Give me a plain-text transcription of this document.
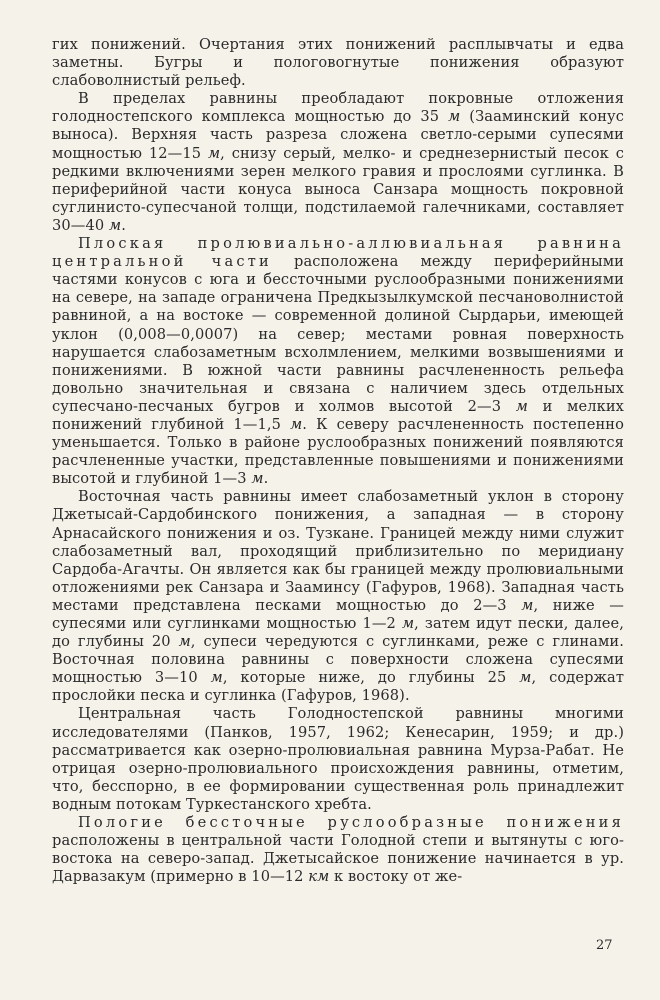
гих понижений. Очертания этих понижений расплывчаты и едва заметны. Бугры и пологовогнутые понижения образуют слабоволнистый рельеф.

В пределах равнины преобладают покровные отложения голодностепского комплекса мощностью до 35 м (Зааминский конус выноса). Верхняя часть разреза сложена светло-серыми супесями мощностью 12—15 м, снизу серый, мелко- и среднезернистый песок с редкими включениями зерен мелкого гравия и прослоями суглинка. В периферийной части конуса выноса Санзара мощность покровной суглинисто-супесчаной толщи, подстилаемой галечниками, составляет 30—40 м.

Плоская пролювиально-аллювиальная равнина центральной части расположена между периферийными частями конусов с юга и бессточными руслообразными понижениями на севере, на западе ограничена Предкызылкумской песчановолнистой равниной, а на востоке — современной долиной Сырдарьи, имеющей уклон (0,008—0,0007) на север; местами ровная поверхность нарушается слабозаметным всхолмлением, мелкими возвышениями и понижениями. В южной части равнины расчлененность рельефа довольно значительная и связана с наличием здесь отдельных супесчано-песчаных бугров и холмов высотой 2—3 м и мелких понижений глубиной 1—1,5 м. К северу расчлененность постепенно уменьшается. Только в районе руслообразных понижений появляются расчлененные участки, представленные повышениями и понижениями высотой и глубиной 1—3 м.

Восточная часть равнины имеет слабозаметный уклон в сторону Джетысай-Сардобинского понижения, а западная — в сторону Арнасайского понижения и оз. Тузкане. Границей между ними служит слабозаметный вал, проходящий приблизительно по меридиану Сардоба-Агачты. Он является как бы границей между пролювиальными отложениями рек Санзара и Зааминсу (Гафуров, 1968). Западная часть местами представлена песками мощностью до 2—3 м, ниже — супесями или суглинками мощностью 1—2 м, затем идут пески, далее, до глубины 20 м, супеси чередуются с суглинками, реже с глинами. Восточная половина равнины с поверхности сложена супесями мощностью 3—10 м, которые ниже, до глубины 25 м, содержат прослойки песка и суглинка (Гафуров, 1968).

Центральная часть Голодностепской равнины многими исследователями (Панков, 1957, 1962; Кенесарин, 1959; и др.) рассматривается как озерно-пролювиальная равнина Мурза-Рабат. Не отрицая озерно-пролювиального происхождения равнины, отметим, что, бесспорно, в ее формировании существенная роль принадлежит водным потокам Туркестанского хребта.

Пологие бессточные руслообразные понижения расположены в центральной части Голодной степи и вытянуты с юго-востока на северо-запад. Джетысайское понижение начинается в ур. Дарвазакум (примерно в 10—12 км к востоку от же-

27
